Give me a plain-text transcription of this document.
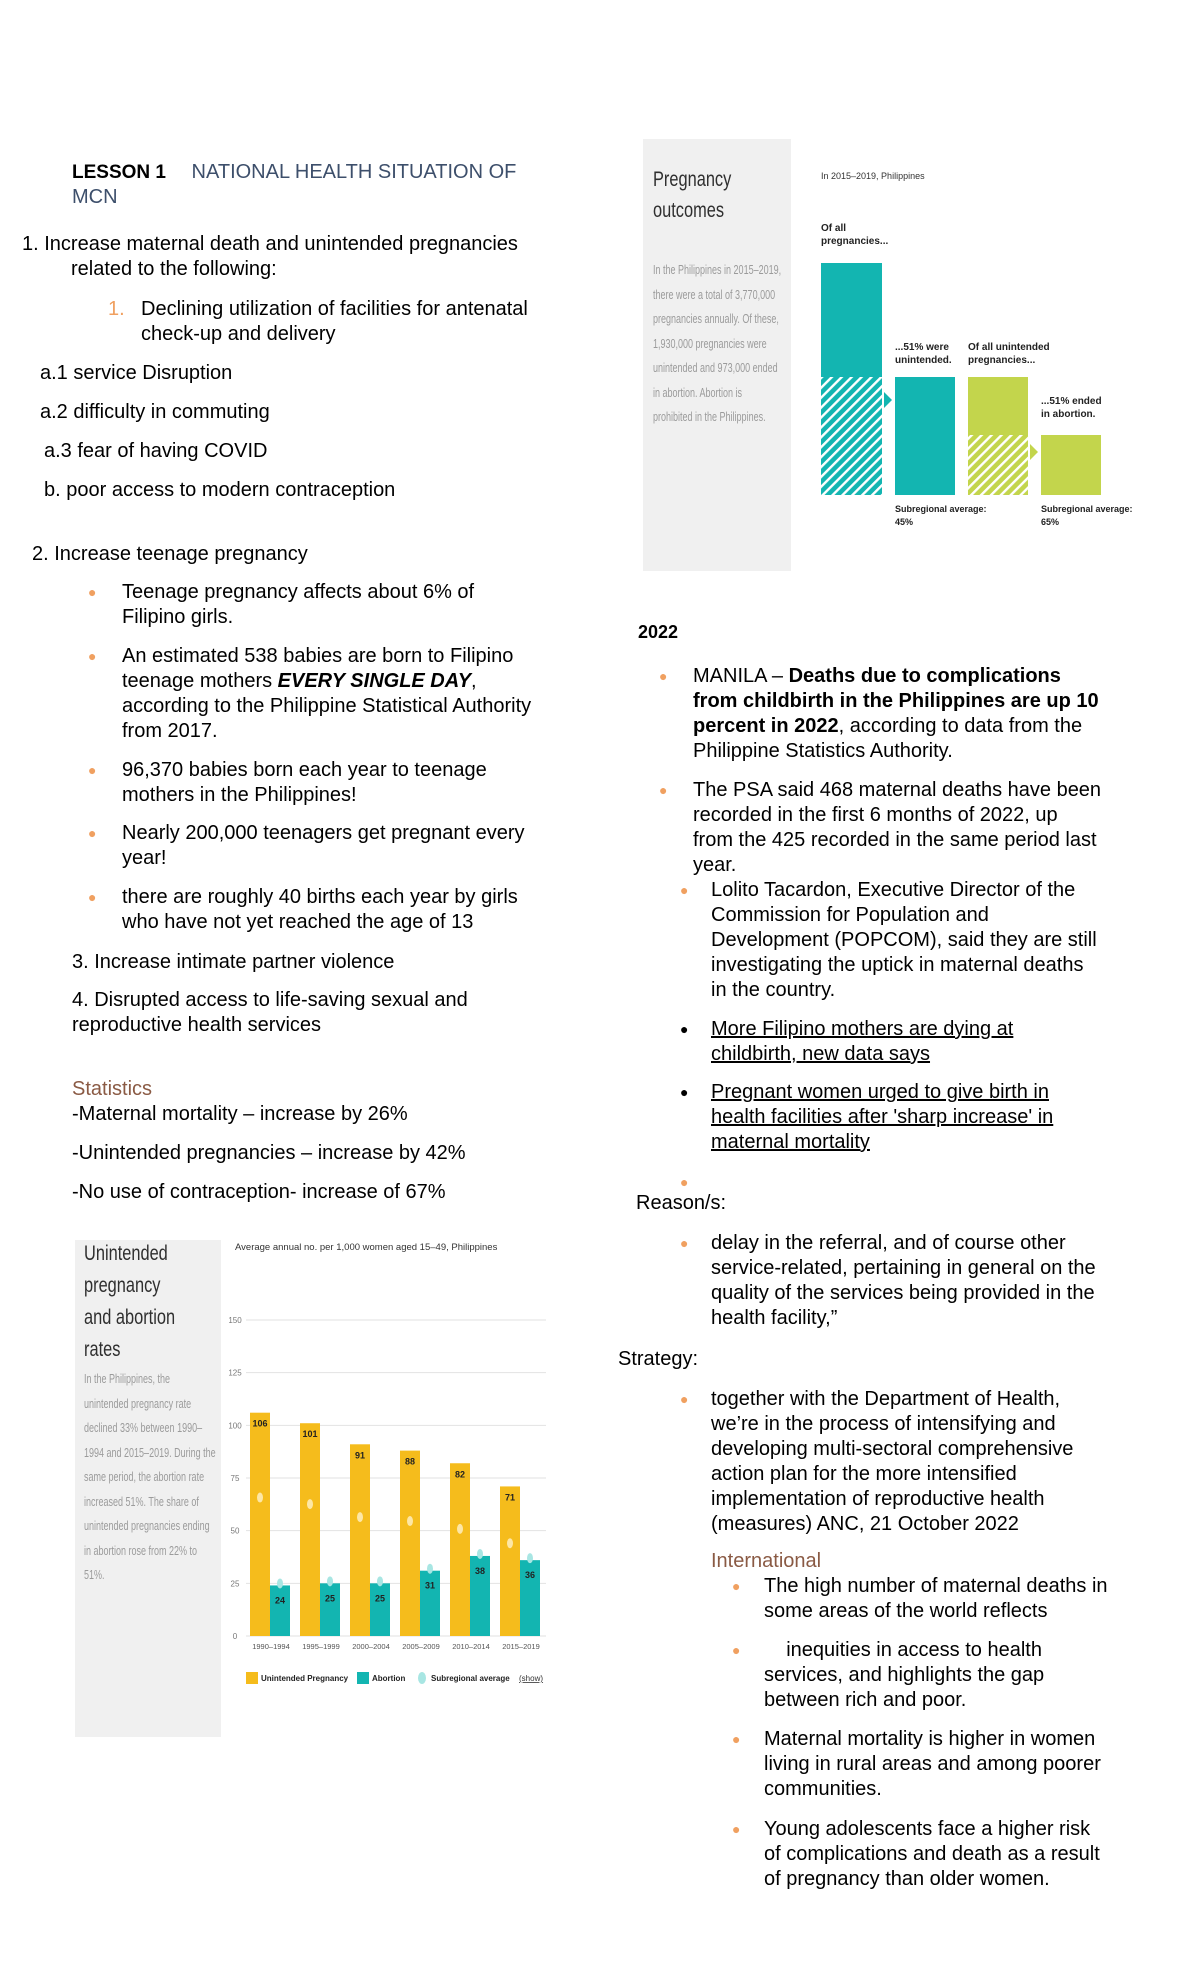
LESSON 1 NATIONAL HEALTH SITUATION OF
MCN
1. Increase maternal death and unintended pregnancies
related to the following:
1. Declining utilization of facilities for antenatal
check-up and delivery
a.1 service Disruption
a.2 difficulty in commuting
a.3 fear of having COVID
b. poor access to modern contraception
2. Increase teenage pregnancy
● Teenage pregnancy affects about 6% of
Filipino girls.
● An estimated 538 babies are born to Filipino
teenage mothers EVERY SINGLE DAY,
according to the Philippine Statistical Authority
from 2017.
● 96,370 babies born each year to teenage
mothers in the Philippines!
● Nearly 200,000 teenagers get pregnant every
year!
● there are roughly 40 births each year by girls
who have not yet reached the age of 13
3. Increase intimate partner violence
4. Disrupted access to life-saving sexual and
reproductive health services
Statistics
-Maternal mortality – increase by 26%
-Unintended pregnancies – increase by 42%
-No use of contraception- increase of 67%
Pregnancy
outcomes
In the Philippines in 2015–2019,
there were a total of 3,770,000
pregnancies annually. Of these,
1,930,000 pregnancies were
unintended and 973,000 ended
in abortion. Abortion is
prohibited in the Philippines.
In 2015–2019, Philippines
Of all pregnancies...
...51% were unintended.
Subregional average: 45%
Of all unintended pregnancies...
...51% ended in abortion.
Subregional average: 65%
2022
● MANILA – Deaths due to complications
from childbirth in the Philippines are up 10
percent in 2022, according to data from the
Philippine Statistics Authority.
● The PSA said 468 maternal deaths have been
recorded in the first 6 months of 2022, up
from the 425 recorded in the same period last
year.
● Lolito Tacardon, Executive Director of the
Commission for Population and
Development (POPCOM), said they are still
investigating the uptick in maternal deaths
in the country.
● More Filipino mothers are dying at
childbirth, new data says
● Pregnant women urged to give birth in
health facilities after 'sharp increase' in
maternal mortality
●
Reason/s:
● delay in the referral, and of course other
service-related, pertaining in general on the
quality of the services being provided in the
health facility,”
Strategy:
● together with the Department of Health,
we’re in the process of intensifying and
developing multi-sectoral comprehensive
action plan for the more intensified
implementation of reproductive health
(measures) ANC, 21 October 2022
International
● The high number of maternal deaths in
some areas of the world reflects
● inequities in access to health
services, and highlights the gap
between rich and poor.
● Maternal mortality is higher in women
living in rural areas and among poorer
communities.
● Young adolescents face a higher risk
of complications and death as a result
of pregnancy than older women.
Unintended pregnancy and abortion rates
In the Philippines, the
unintended pregnancy rate
declined 33% between 1990–
1994 and 2015–2019. During the
same period, the abortion rate
increased 51%. The share of
unintended pregnancies ending
in abortion rose from 22% to
51%.
Average annual no. per 1,000 women aged 15–49, Philippines
0
25
50
75
100
125
150
106
24
1990–1994
101
25
1995–1999
91
25
2000–2004
88
31
2005–2009
82
38
2010–2014
71
36
2015–2019
Unintended Pregnancy	Abortion	Subregional average (show)
